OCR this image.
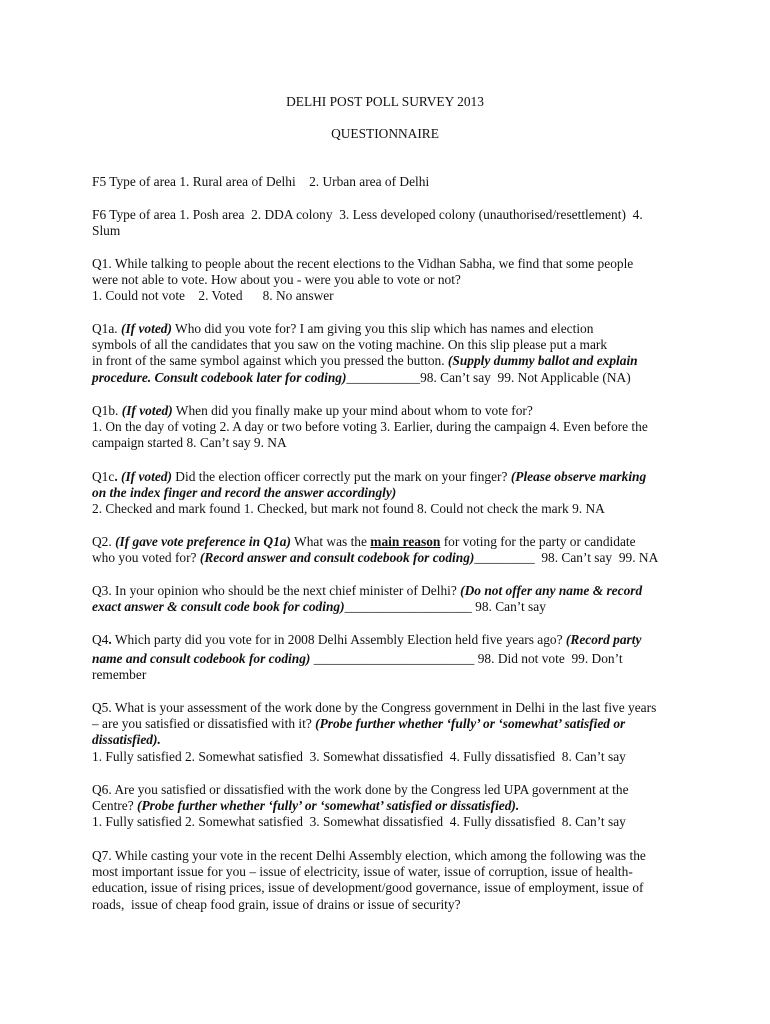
DELHI POST POLL SURVEY 2013
QUESTIONNAIRE
F5 Type of area 1. Rural area of Delhi    2. Urban area of Delhi
F6 Type of area 1. Posh area  2. DDA colony  3. Less developed colony (unauthorised/resettlement)  4.
Slum
Q1. While talking to people about the recent elections to the Vidhan Sabha, we find that some people
were not able to vote. How about you - were you able to vote or not?
1. Could not vote    2. Voted      8. No answer
Q1a. (If voted) Who did you vote for? I am giving you this slip which has names and election
symbols of all the candidates that you saw on the voting machine. On this slip please put a mark
in front of the same symbol against which you pressed the button. (Supply dummy ballot and explain
procedure. Consult codebook later for coding)___________98. Can’t say  99. Not Applicable (NA)
Q1b. (If voted) When did you finally make up your mind about whom to vote for?
1. On the day of voting 2. A day or two before voting 3. Earlier, during the campaign 4. Even before the
campaign started 8. Can’t say 9. NA
Q1c. (If voted) Did the election officer correctly put the mark on your finger? (Please observe marking
on the index finger and record the answer accordingly)
2. Checked and mark found 1. Checked, but mark not found 8. Could not check the mark 9. NA
Q2. (If gave vote preference in Q1a) What was the main reason for voting for the party or candidate
who you voted for? (Record answer and consult codebook for coding)_________  98. Can’t say  99. NA
Q3. In your opinion who should be the next chief minister of Delhi? (Do not offer any name & record
exact answer & consult code book for coding)___________________ 98. Can’t say
Q4. Which party did you vote for in 2008 Delhi Assembly Election held five years ago? (Record party
name and consult codebook for coding) ________________________ 98. Did not vote  99. Don’t
remember
Q5. What is your assessment of the work done by the Congress government in Delhi in the last five years
– are you satisfied or dissatisfied with it? (Probe further whether ‘fully’ or ‘somewhat’ satisfied or
dissatisfied).
1. Fully satisfied 2. Somewhat satisfied  3. Somewhat dissatisfied  4. Fully dissatisfied  8. Can’t say
Q6. Are you satisfied or dissatisfied with the work done by the Congress led UPA government at the
Centre? (Probe further whether ‘fully’ or ‘somewhat’ satisfied or dissatisfied).
1. Fully satisfied 2. Somewhat satisfied  3. Somewhat dissatisfied  4. Fully dissatisfied  8. Can’t say
Q7. While casting your vote in the recent Delhi Assembly election, which among the following was the
most important issue for you – issue of electricity, issue of water, issue of corruption, issue of health-
education, issue of rising prices, issue of development/good governance, issue of employment, issue of
roads,  issue of cheap food grain, issue of drains or issue of security?
